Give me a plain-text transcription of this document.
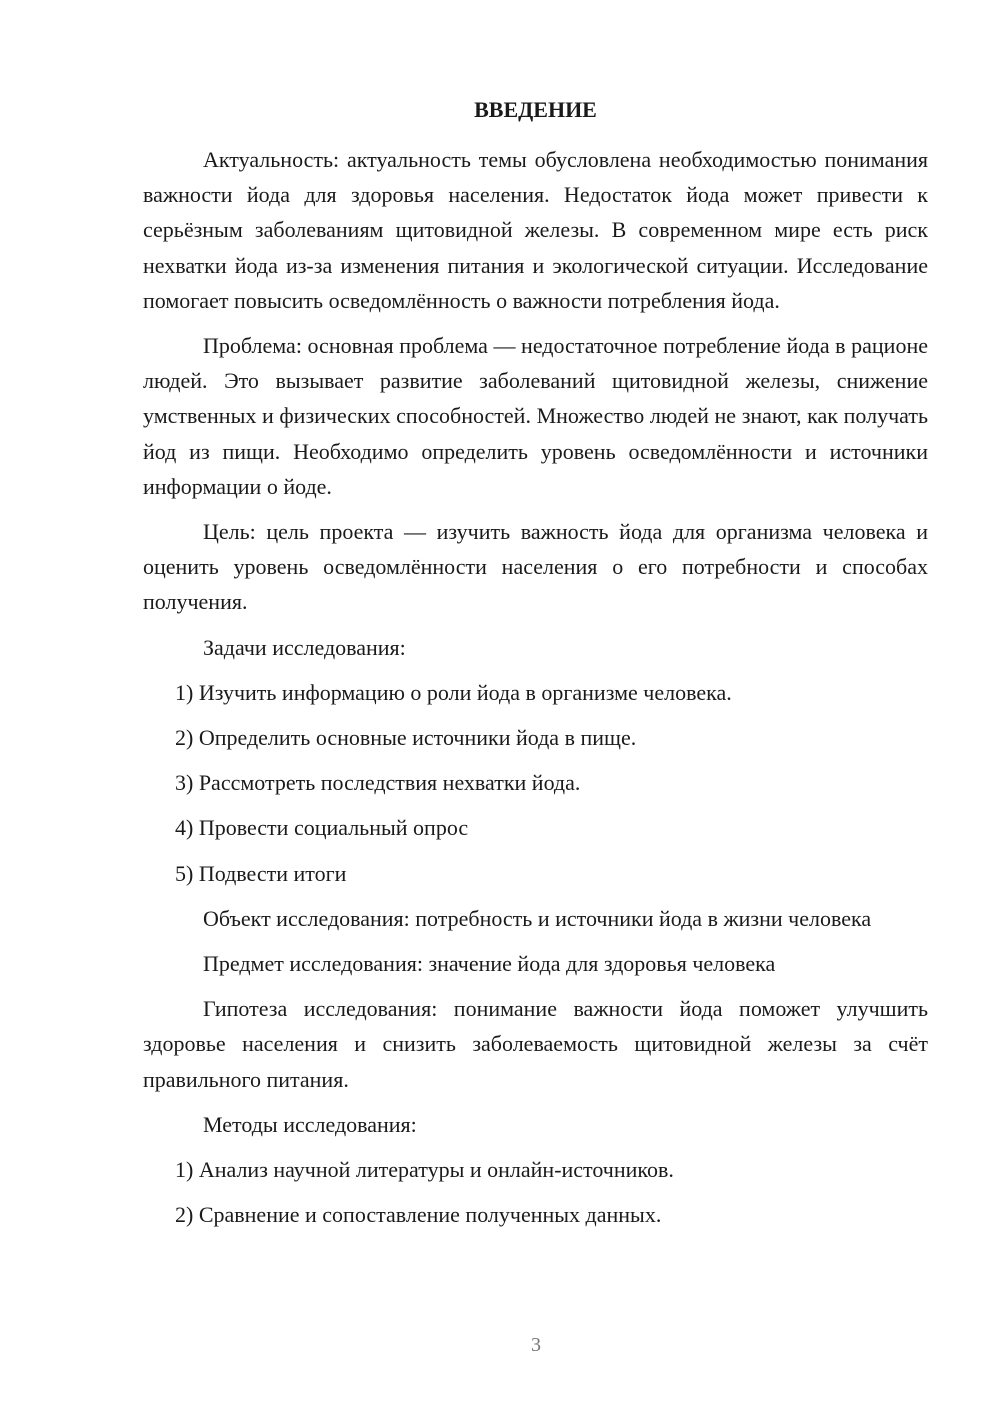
ВВЕДЕНИЕ

Актуальность: актуальность темы обусловлена необходимостью понимания важности йода для здоровья населения. Недостаток йода может привести к серьёзным заболеваниям щитовидной железы. В современном мире есть риск нехватки йода из-за изменения питания и экологической ситуации. Исследование помогает повысить осведомлённость о важности потребления йода.

Проблема: основная проблема — недостаточное потребление йода в рационе людей. Это вызывает развитие заболеваний щитовидной железы, снижение умственных и физических способностей. Множество людей не знают, как получать йод из пищи. Необходимо определить уровень осведомлённости и источники информации о йоде.

Цель: цель проекта — изучить важность йода для организма человека и оценить уровень осведомлённости населения о его потребности и способах получения.

Задачи исследования:

1) Изучить информацию о роли йода в организме человека.

2) Определить основные источники йода в пище.

3) Рассмотреть последствия нехватки йода.

4) Провести социальный опрос

5) Подвести итоги

Объект исследования: потребность и источники йода в жизни человека

Предмет исследования: значение йода для здоровья человека

Гипотеза исследования: понимание важности йода поможет улучшить здоровье населения и снизить заболеваемость щитовидной железы за счёт правильного питания.

Методы исследования:

1) Анализ научной литературы и онлайн-источников.

2) Сравнение и сопоставление полученных данных.

3
